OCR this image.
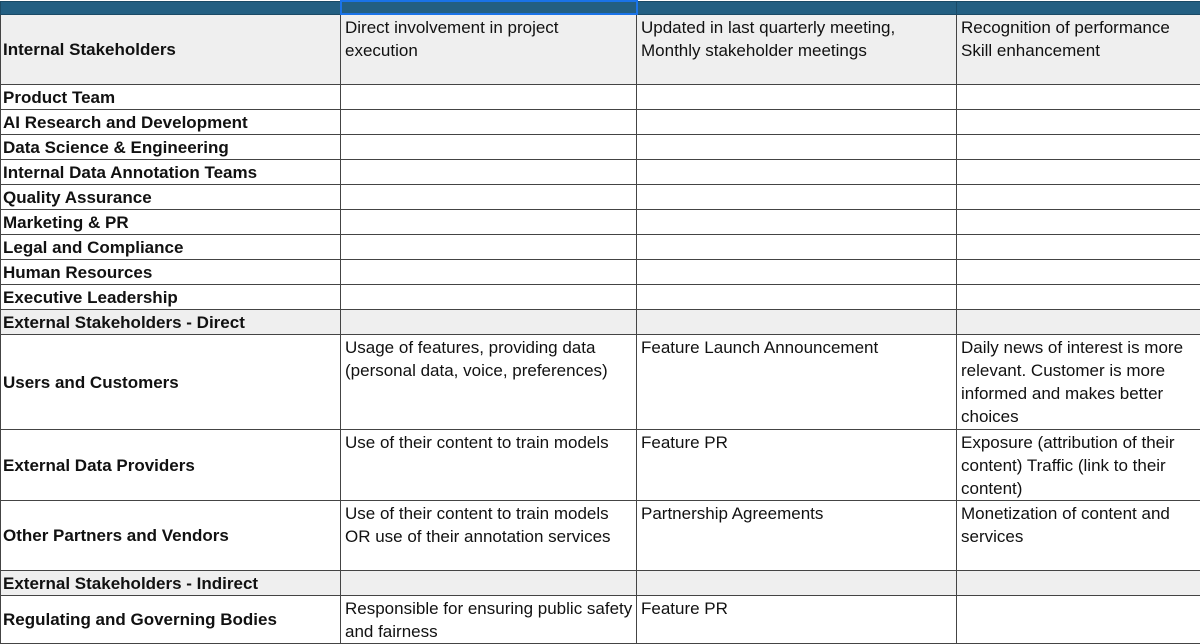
Internal Stakeholders	Direct involvement in project execution	Updated in last quarterly meeting, Monthly stakeholder meetings	Recognition of performance Skill enhancement
Product Team			
AI Research and Development			
Data Science & Engineering			
Internal Data Annotation Teams			
Quality Assurance			
Marketing & PR			
Legal and Compliance			
Human Resources			
Executive Leadership			
External Stakeholders - Direct			
Users and Customers	Usage of features, providing data (personal data, voice, preferences)	Feature Launch Announcement	Daily news of interest is more relevant. Customer is more informed and makes better choices
External Data Providers	Use of their content to train models	Feature PR	Exposure (attribution of their content) Traffic (link to their content)
Other Partners and Vendors	Use of their content to train models OR use of their annotation services	Partnership Agreements	Monetization of content and services
External Stakeholders - Indirect			
Regulating and Governing Bodies	Responsible for ensuring public safety and fairness	Feature PR	
